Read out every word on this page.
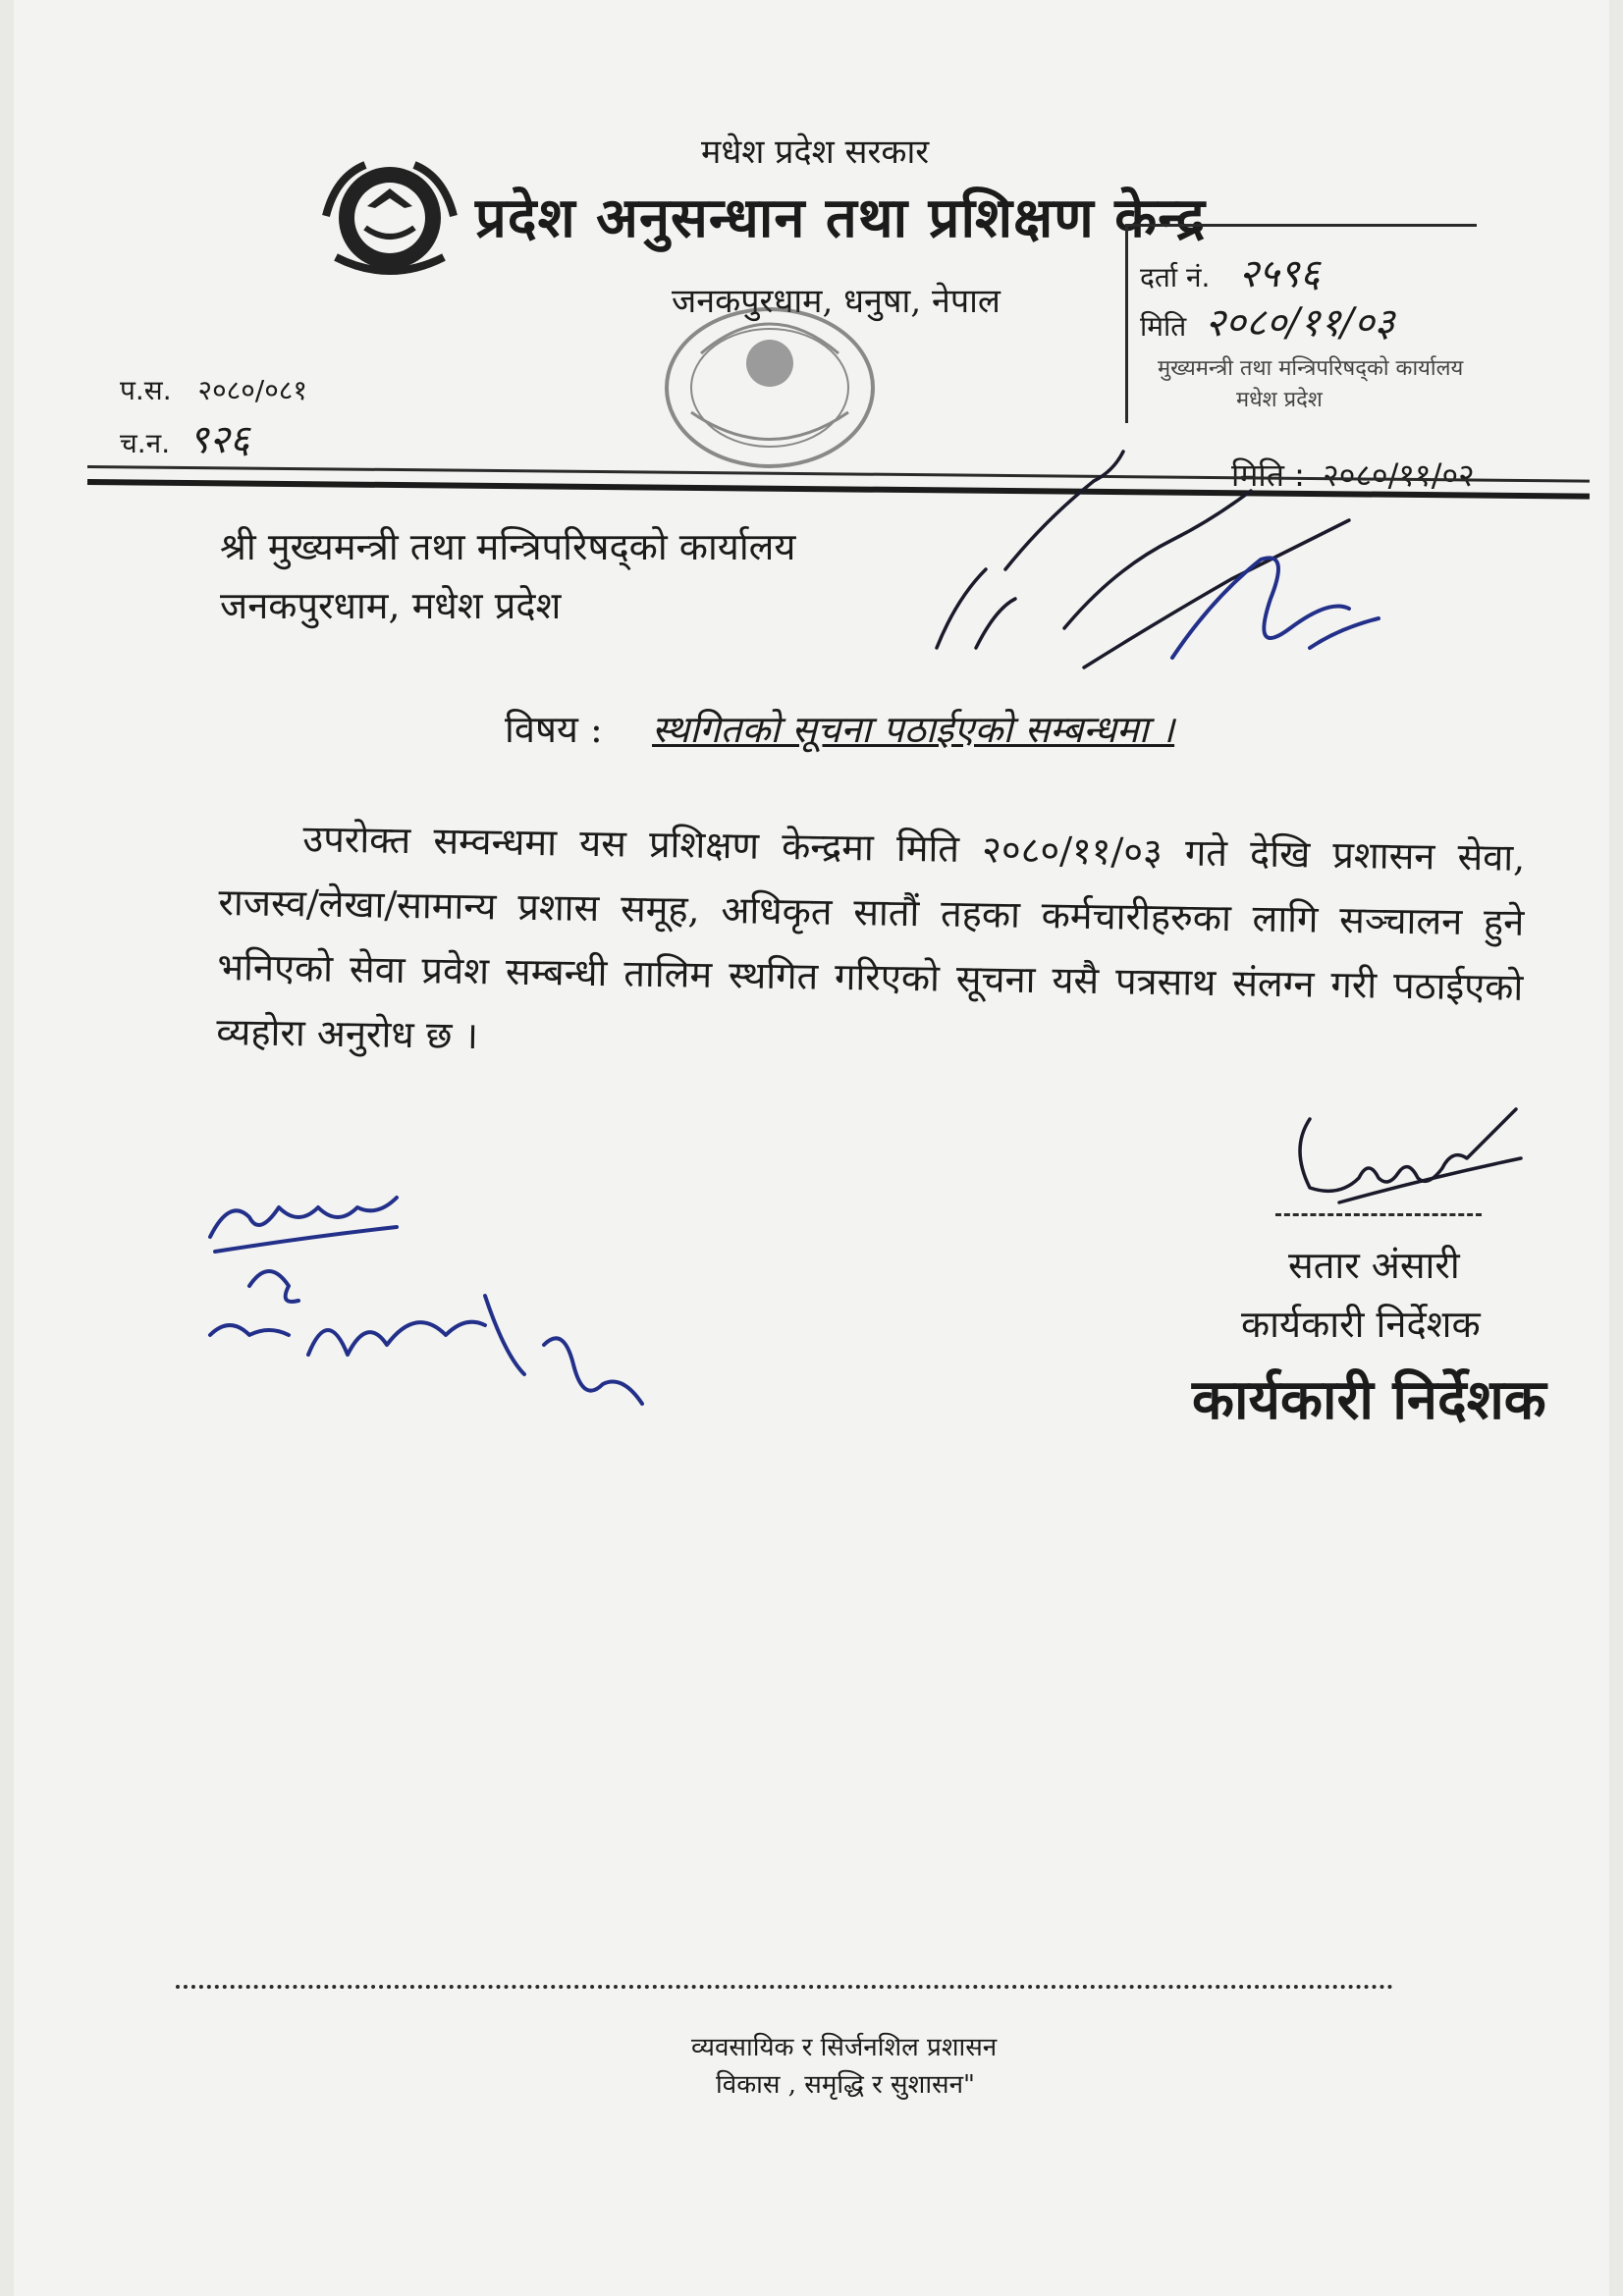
मधेश प्रदेश सरकार
प्रदेश अनुसन्धान तथा प्रशिक्षण केन्द्र
जनकपुरधाम, धनुषा, नेपाल
प.स. २०८०/०८१
च.न. ९२६
दर्ता नं. २५९६
मिति २०८०/११/०३
मुख्यमन्त्री तथा मन्त्रिपरिषद्को कार्यालय
मधेश प्रदेश
मिति : २०८०/११/०२
श्री मुख्यमन्त्री तथा मन्त्रिपरिषद्को कार्यालय
जनकपुरधाम, मधेश प्रदेश
विषय : स्थगितको सूचना पठाईएको सम्बन्धमा ।
उपरोक्त सम्वन्धमा यस प्रशिक्षण केन्द्रमा मिति २०८०/११/०३ गते देखि प्रशासन सेवा, राजस्व/लेखा/सामान्य प्रशास समूह, अधिकृत सातौं तहका कर्मचारीहरुका लागि सञ्चालन हुने भनिएको सेवा प्रवेश सम्बन्धी तालिम स्थगित गरिएको सूचना यसै पत्रसाथ संलग्न गरी पठाईएको व्यहोरा अनुरोध छ ।
सतार अंसारी
कार्यकारी निर्देशक
कार्यकारी निर्देशक
व्यवसायिक र सिर्जनशिल प्रशासन
विकास , समृद्धि र सुशासन"
